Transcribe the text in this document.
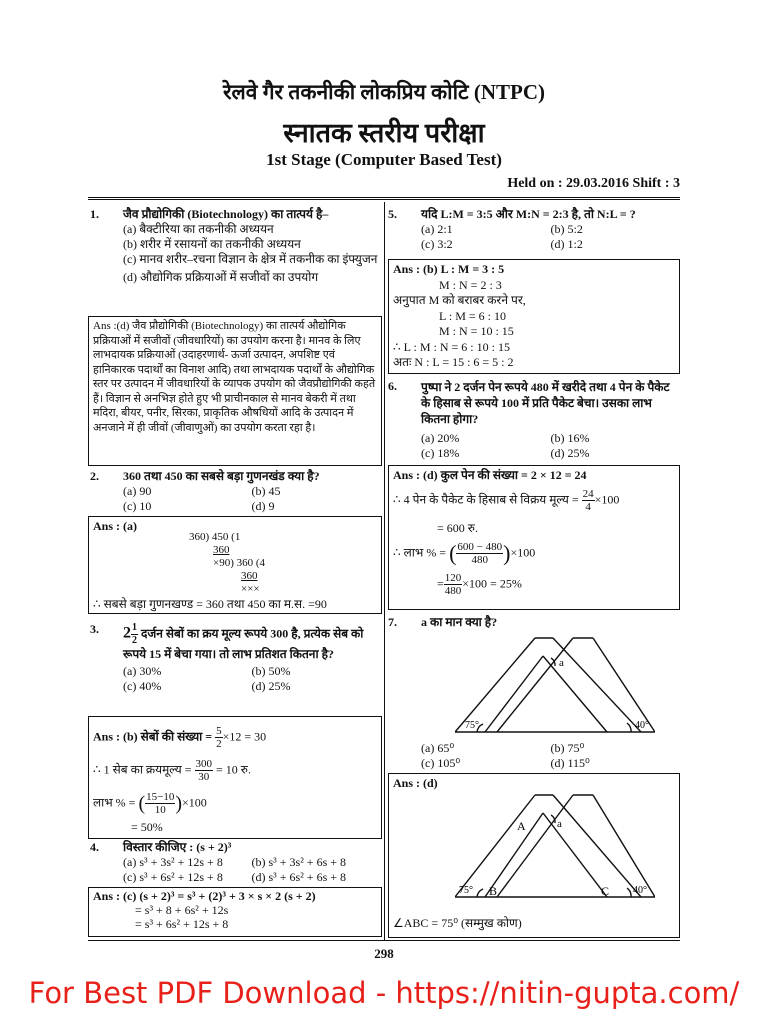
रेलवे गैर तकनीकी लोकप्रिय कोटि (NTPC)
स्नातक स्तरीय परीक्षा
1st Stage (Computer Based Test)
Held on : 29.03.2016 Shift : 3
1. जैव प्रौद्योगिकी (Biotechnology) का तात्पर्य है–
(a) बैक्टीरिया का तकनीकी अध्ययन
(b) शरीर में रसायनों का तकनीकी अध्ययन
(c) मानव शरीर–रचना विज्ञान के क्षेत्र में तकनीक का इंफ्युजन
(d) औद्योगिक प्रक्रियाओं में सजीवों का उपयोग
Ans :(d) जैव प्रौद्योगिकी (Biotechnology) का तात्पर्य औद्योगिक प्रक्रियाओं में सजीवों (जीवधारियों) का उपयोग करना है। मानव के लिए लाभदायक प्रक्रियाओं (उदाहरणार्थ- ऊर्जा उत्पादन, अपशिष्ट एवं हानिकारक पदार्थों का विनाश आदि) तथा लाभदायक पदार्थों के औद्योगिक स्तर पर उत्पादन में जीवधारियों के व्यापक उपयोग को जैवप्रौद्योगिकी कहते हैं। विज्ञान से अनभिज्ञ होते हुए भी प्राचीनकाल से मानव बेकरी में तथा मदिरा, बीयर, पनीर, सिरका, प्राकृतिक औषधियों आदि के उत्पादन में अनजाने में ही जीवों (जीवाणुओं) का उपयोग करता रहा है।
2. 360 तथा 450 का सबसे बड़ा गुणनखंड क्या है?
(a) 90	(b) 45
(c) 10	(d) 9
Ans : (a)
360) 450 (1
360
×90) 360 (4
360
×××
∴ सबसे बड़ा गुणनखण्ड = 360 तथा 450 का म.स. =90
3. $2 \frac{1}{2}$ दर्जन सेबों का क्रय मूल्य रूपये 300 है, प्रत्येक सेब को रूपये 15 में बेचा गया। तो लाभ प्रतिशत कितना है?
(a) 30%	(b) 50%
(c) 40%	(d) 25%
Ans : (b) सेबों की संख्या = $\frac{5}{2} \times 12 = 30$
∴ 1 सेब का क्रयमूल्य = $\frac{300}{30} = 10$ रु.
लाभ % = ( $\frac{15-10}{10} )\times 100$
= 50%
4. विस्तार कीजिए : (s + 2)³
(a) s³ + 3s² + 12s + 8	(b) s³ + 3s² + 6s + 8
(c) s³ + 6s² + 12s + 8	(d) s³ + 6s² + 6s + 8
Ans : (c) (s + 2)³ = s³ + (2)³ + 3 × s × 2 (s + 2)
= s³ + 8 + 6s² + 12s
= s³ + 6s² + 12s + 8
5. यदि L:M = 3:5 और M:N = 2:3 है, तो N:L = ?
(a) 2:1	(b) 5:2
(c) 3:2	(d) 1:2
Ans : (b) L : M = 3 : 5
M : N = 2 : 3
अनुपात M को बराबर करने पर,
L : M = 6 : 10
M : N = 10 : 15
∴ L : M : N = 6 : 10 : 15
अतः N : L = 15 : 6 = 5 : 2
6. पुष्पा ने 2 दर्जन पेन रूपये 480 में खरीदे तथा 4 पेन के पैकेट के हिसाब से रूपये 100 में प्रति पैकेट बेचा। उसका लाभ कितना होगा?
(a) 20%	(b) 16%
(c) 18%	(d) 25%
Ans : (d) कुल पेन की संख्या = 2 × 12 = 24
∴ 4 पेन के पैकेट के हिसाब से विक्रय मूल्य = $\frac{24}{4} \times 100$
= 600 रु.
∴ लाभ % = ( $\frac{600 - 480}{480} )\times 100$
= $\frac{120}{480} \times 100 = 25\%$
7. a का मान क्या है?
a
75°	40°
(a) 65⁰	(b) 75⁰
(c) 105⁰	(d) 115⁰
Ans : (d)
∠ABC = 75⁰ (सम्मुख कोण)
A	a
B	C
75°	40°
298
For Best PDF Download - https://nitin-gupta.com/
